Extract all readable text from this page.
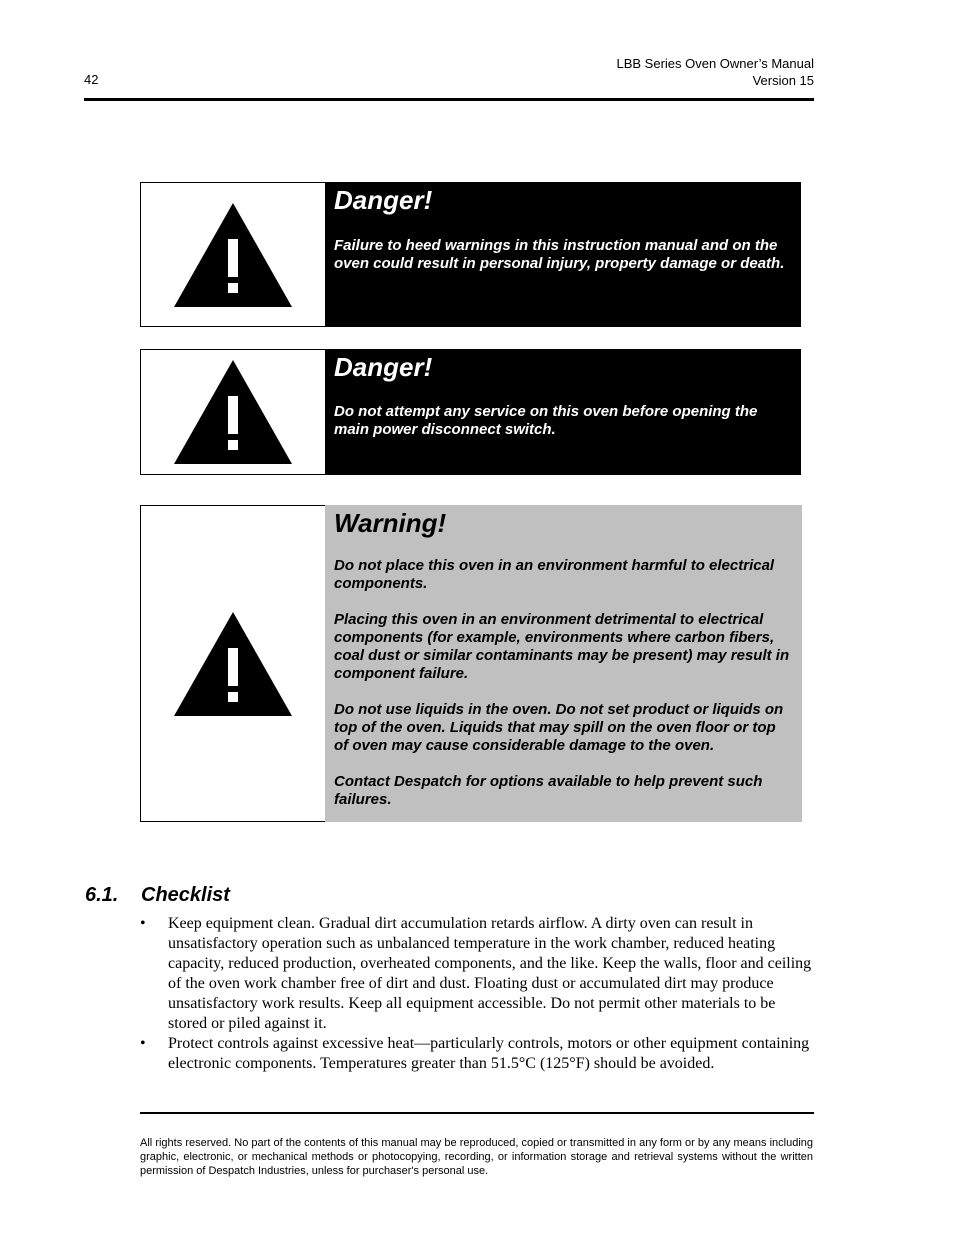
42
LBB Series Oven Owner’s Manual
Version 15
Danger!

Failure to heed warnings in this instruction manual and on the oven could result in personal injury, property damage or death.

Danger!

Do not attempt any service on this oven before opening the main power disconnect switch.

Warning!

Do not place this oven in an environment harmful to electrical components.

Placing this oven in an environment detrimental to electrical components (for example, environments where carbon fibers, coal dust or similar contaminants may be present) may result in component failure.

Do not use liquids in the oven. Do not set product or liquids on top of the oven. Liquids that may spill on the oven floor or top of oven may cause considerable damage to the oven.

Contact Despatch for options available to help prevent such failures.

6.1. Checklist
• Keep equipment clean. Gradual dirt accumulation retards airflow. A dirty oven can result in unsatisfactory operation such as unbalanced temperature in the work chamber, reduced heating capacity, reduced production, overheated components, and the like. Keep the walls, floor and ceiling of the oven work chamber free of dirt and dust. Floating dust or accumulated dirt may produce unsatisfactory work results. Keep all equipment accessible. Do not permit other materials to be stored or piled against it.
• Protect controls against excessive heat—particularly controls, motors or other equipment containing electronic components. Temperatures greater than 51.5°C (125°F) should be avoided.
All rights reserved. No part of the contents of this manual may be reproduced, copied or transmitted in any form or by any means including graphic, electronic, or mechanical methods or photocopying, recording, or information storage and retrieval systems without the written permission of Despatch Industries, unless for purchaser's personal use.
